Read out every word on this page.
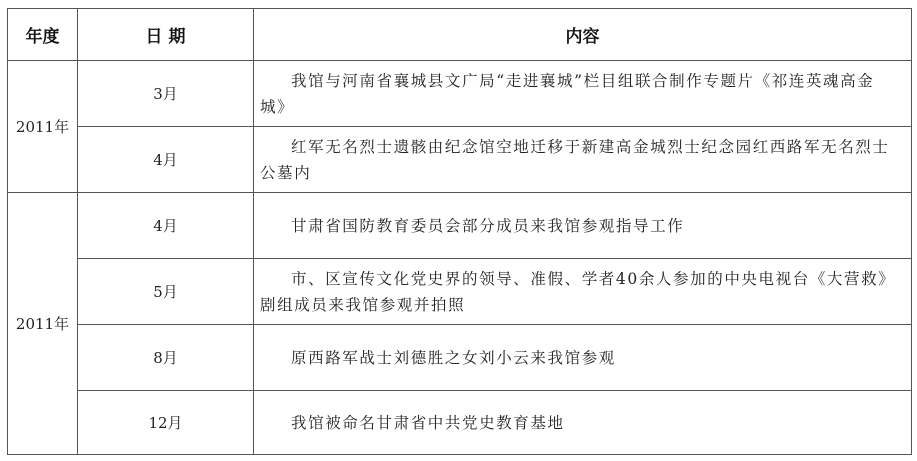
年度	日 期	内容
2011年	3月	我馆与河南省襄城县文广局“走进襄城”栏目组联合制作专题片《祁连英魂高金城》

	4月	红军无名烈士遗骸由纪念馆空地迁移于新建高金城烈士纪念园红西路军无名烈士公墓内

2011年	4月	甘肃省国防教育委员会部分成员来我馆参观指导工作

	5月	市、区宣传文化党史界的领导、准假、学者40余人参加的中央电视台《大营救》剧组成员来我馆参观并拍照

	8月	原西路军战士刘德胜之女刘小云来我馆参观

	12月	我馆被命名甘肃省中共党史教育基地
